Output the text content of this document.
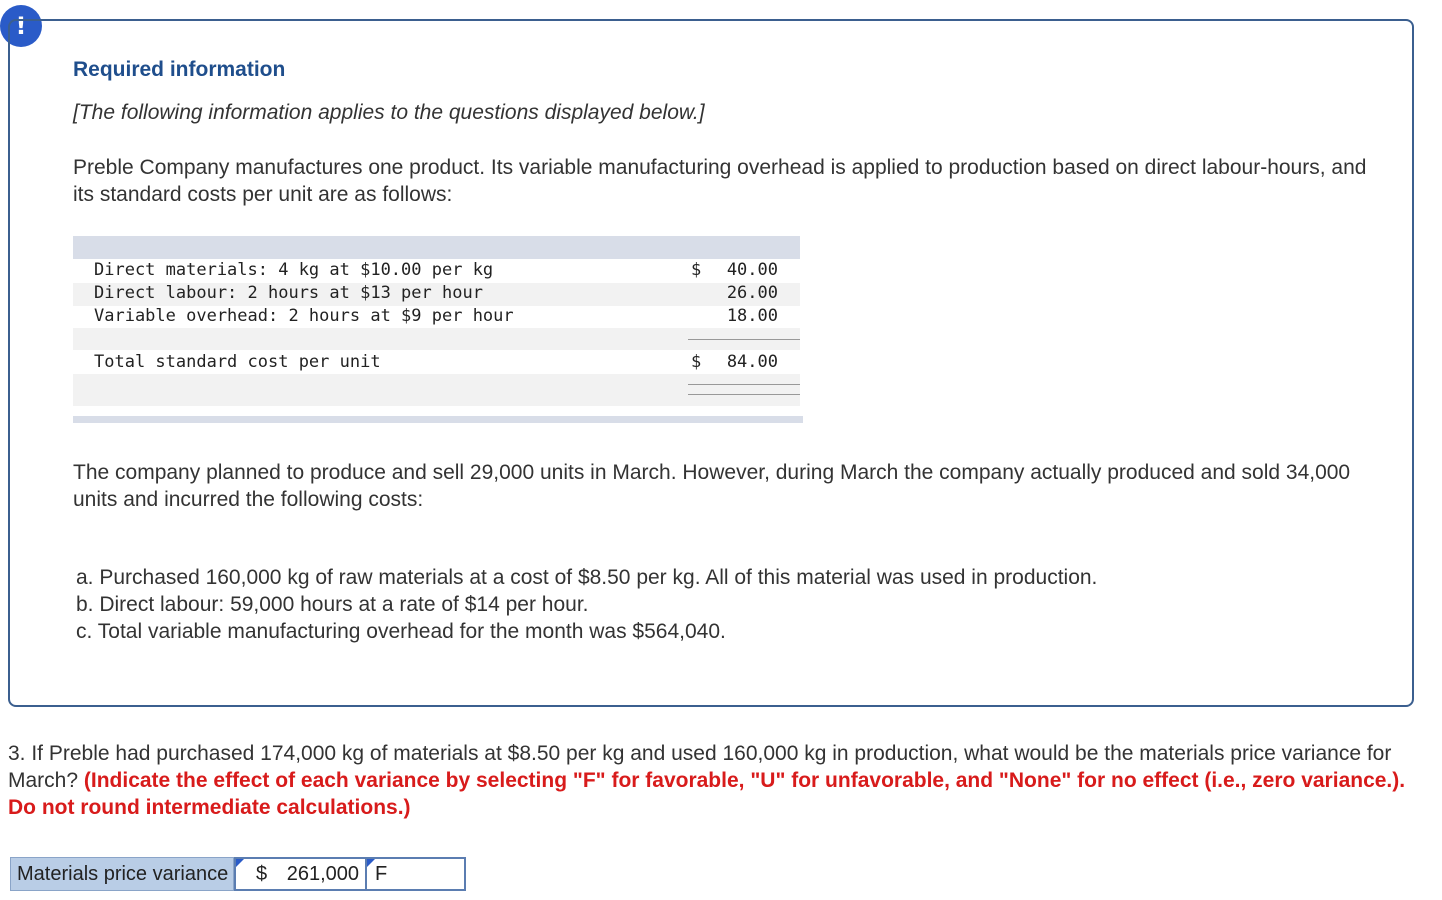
!
Required information
[The following information applies to the questions displayed below.]
Preble Company manufactures one product. Its variable manufacturing overhead is applied to production based on direct labour-hours, and its standard costs per unit are as follows:
Direct materials: 4 kg at $10.00 per kg	$ 40.00
Direct labour: 2 hours at $13 per hour	26.00
Variable overhead: 2 hours at $9 per hour	18.00
Total standard cost per unit	$ 84.00
The company planned to produce and sell 29,000 units in March. However, during March the company actually produced and sold 34,000 units and incurred the following costs:
a. Purchased 160,000 kg of raw materials at a cost of $8.50 per kg. All of this material was used in production.
b. Direct labour: 59,000 hours at a rate of $14 per hour.
c. Total variable manufacturing overhead for the month was $564,040.
3. If Preble had purchased 174,000 kg of materials at $8.50 per kg and used 160,000 kg in production, what would be the materials price variance for March? (Indicate the effect of each variance by selecting "F" for favorable, "U" for unfavorable, and "None" for no effect (i.e., zero variance.). Do not round intermediate calculations.)
Materials price variance $ 261,000 F
